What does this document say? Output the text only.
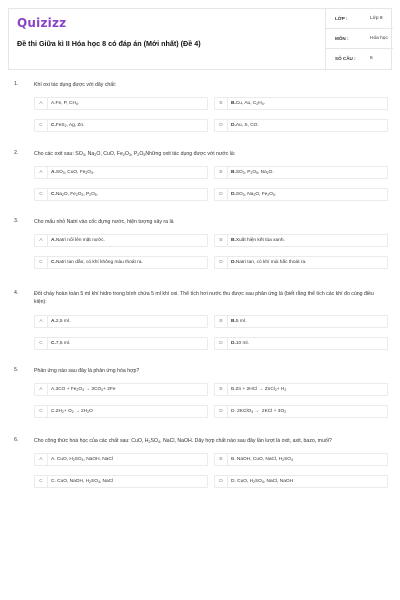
Quizizz
Đề thi Giữa kì II Hóa học 8 có đáp án (Mới nhất) (Đề 4)
LỚP :	Lớp 8
MÔN :	Hóa học
SỐ CÂU :	6
1.	Khí oxi tác dụng được với dãy chất:
A	A.Fe, P, $CH_4$.	B	B.Cu, Au, $C_2H_4$.
C	C.FeS$_2$, Ag, Zn.	D	D.Au, S, CO.
2.	Cho các oxit sau: $SO_3$, $Na_2O$, CuO, $Fe_2O_3$, $P_2O_5Những$ oxit tác dụng được với nước là:
A	$A.SO_3$, CuO, $Fe_2O_3$.	B	$B.SO_3$, $P_2O_5$, $Na_2O$.
C	$C.Na_2O$, $Fe_2O_3$, $P_2O_5$.	D	$D.SO_3$, $Na_2O$, $Fe_2O_3$.
3.	Cho mẩu nhỏ Natri vào cốc đựng nước, hiện tượng xảy ra là
A	A.Natri nổi lên mặt nước.	B	B.Xuất hiện kết tủa xanh.
C	C.Natri tan dần, có khí không màu thoát ra.	D	D.Natri tan, có khí mùi hắc thoát ra.
4.	Đốt cháy hoàn toàn 5 ml khí hidro trong bình chứa 5 ml khí oxi. Thể tích hơi nước thu được sau phản ứng là (biết rằng thể tích các khí đo cùng điều kiện):
A	A.2,5 ml.	B	B.5 ml.
C	C.7,5 ml.	D	D.10 ml.
5.	Phản ứng nào sau đây là phản ứng hóa hợp?
A	$A.3CO + Fe_2O_3 \to 3CO_2+ 2Fe$	B	B.Zn + 2HCl → ZnCl$_2$+ $H_2$
C	$C.2H_2+ O_2 \to 2H_2O$	D	D. 2KClO$_3$ →  $2KCl + 3O_2$
6.	Cho công thức hoá học của các chất sau: CuO, $H_2SO_4$, NaCl, NaOH. Dãy hợp chất nào sau đây lần lượt là oxit, axit, bazo, muối?
A	A. CuO, $H_2SO_4$, NaOH, NaCl	B	B. NaOH, CuO, NaCl, $H_2SO_4$
C	C. CuO, NaOH, $H_2SO_4$, NaCl	D	D. CuO, $H_2SO_4$, NaCl, NaOH
